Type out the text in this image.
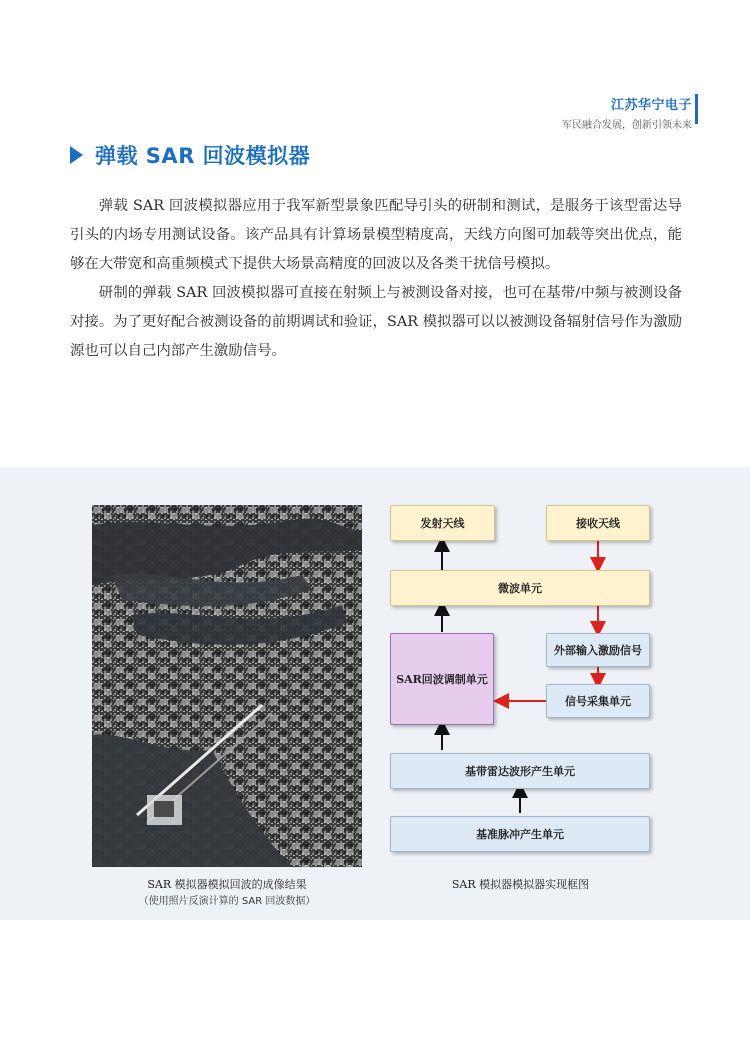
江苏华宁电子
军民融合发展，创新引领未来
弹载 SAR 回波模拟器

弹载 SAR 回波模拟器应用于我军新型景象匹配导引头的研制和测试，是服务于该型雷达导引头的内场专用测试设备。该产品具有计算场景模型精度高，天线方向图可加载等突出优点，能够在大带宽和高重频模式下提供大场景高精度的回波以及各类干扰信号模拟。

研制的弹载 SAR 回波模拟器可直接在射频上与被测设备对接，也可在基带/中频与被测设备对接。为了更好配合被测设备的前期调试和验证，SAR 模拟器可以以被测设备辐射信号作为激励源也可以自己内部产生激励信号。

SAR 模拟器模拟回波的成像结果
（使用照片反演计算的 SAR 回波数据）
发射天线	接收天线
微波单元
外部输入激励信号
SAR回波调制单元
信号采集单元
基带雷达波形产生单元
基准脉冲产生单元
SAR 模拟器模拟器实现框图
